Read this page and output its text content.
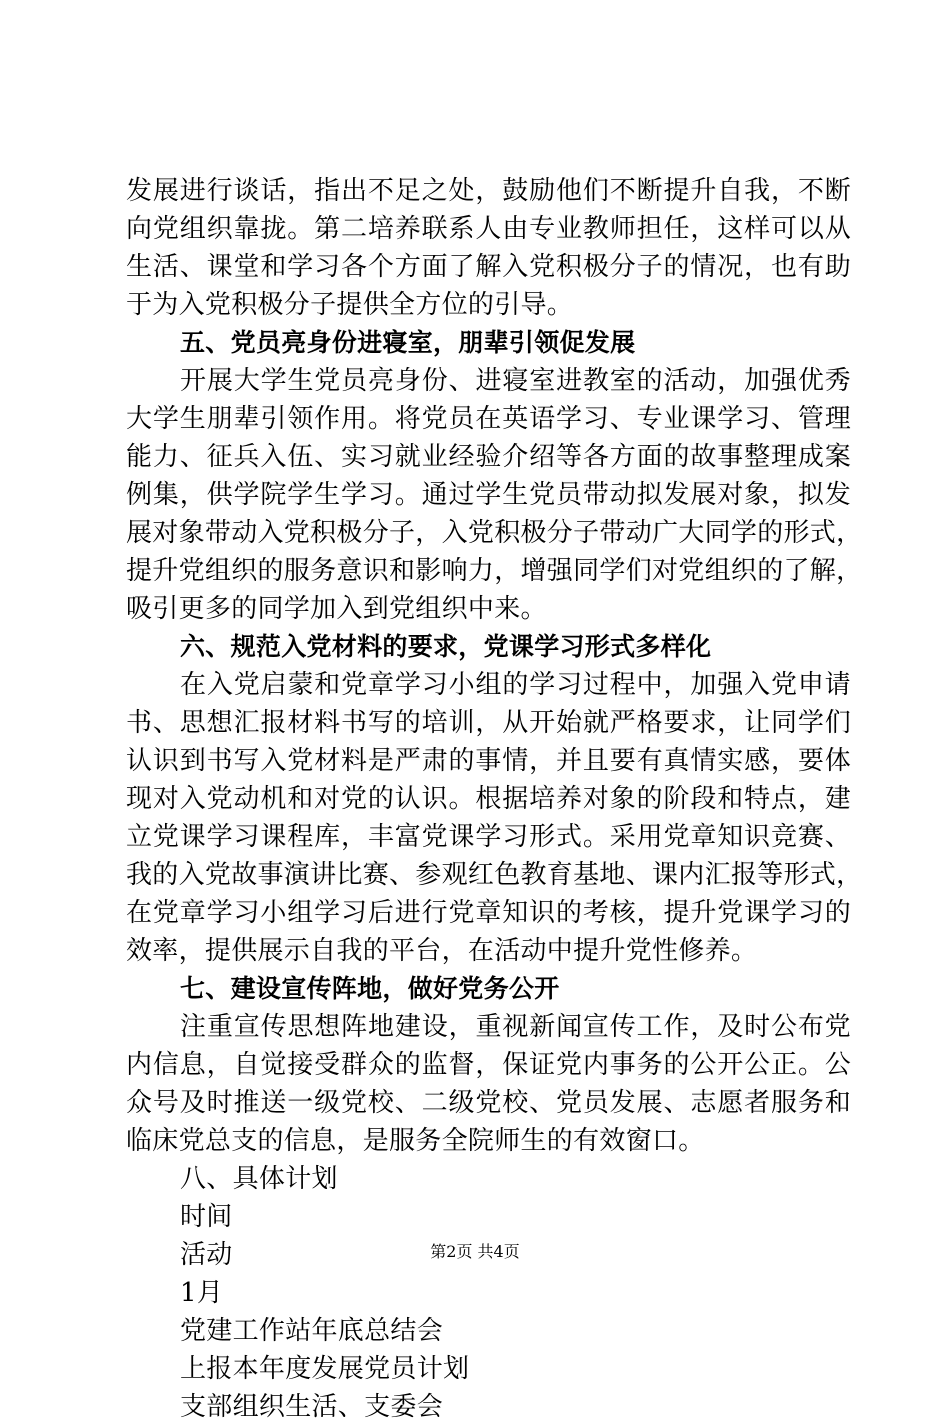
发展进行谈话，指出不足之处，鼓励他们不断提升自我，不断
向党组织靠拢。第二培养联系人由专业教师担任，这样可以从
生活、课堂和学习各个方面了解入党积极分子的情况，也有助
于为入党积极分子提供全方位的引导。
五、党员亮身份进寝室，朋辈引领促发展
开展大学生党员亮身份、进寝室进教室的活动，加强优秀
大学生朋辈引领作用。将党员在英语学习、专业课学习、管理
能力、征兵入伍、实习就业经验介绍等各方面的故事整理成案
例集，供学院学生学习。通过学生党员带动拟发展对象，拟发
展对象带动入党积极分子，入党积极分子带动广大同学的形式，
提升党组织的服务意识和影响力，增强同学们对党组织的了解，
吸引更多的同学加入到党组织中来。
六、规范入党材料的要求，党课学习形式多样化
在入党启蒙和党章学习小组的学习过程中，加强入党申请
书、思想汇报材料书写的培训，从开始就严格要求，让同学们
认识到书写入党材料是严肃的事情，并且要有真情实感，要体
现对入党动机和对党的认识。根据培养对象的阶段和特点，建
立党课学习课程库，丰富党课学习形式。采用党章知识竞赛、
我的入党故事演讲比赛、参观红色教育基地、课内汇报等形式，
在党章学习小组学习后进行党章知识的考核，提升党课学习的
效率，提供展示自我的平台，在活动中提升党性修养。
七、建设宣传阵地，做好党务公开
注重宣传思想阵地建设，重视新闻宣传工作，及时公布党
内信息，自觉接受群众的监督，保证党内事务的公开公正。公
众号及时推送一级党校、二级党校、党员发展、志愿者服务和
临床党总支的信息，是服务全院师生的有效窗口。
八、具体计划
时间
活动
1月
党建工作站年底总结会
上报本年度发展党员计划
支部组织生活、支委会
第2页 共4页
